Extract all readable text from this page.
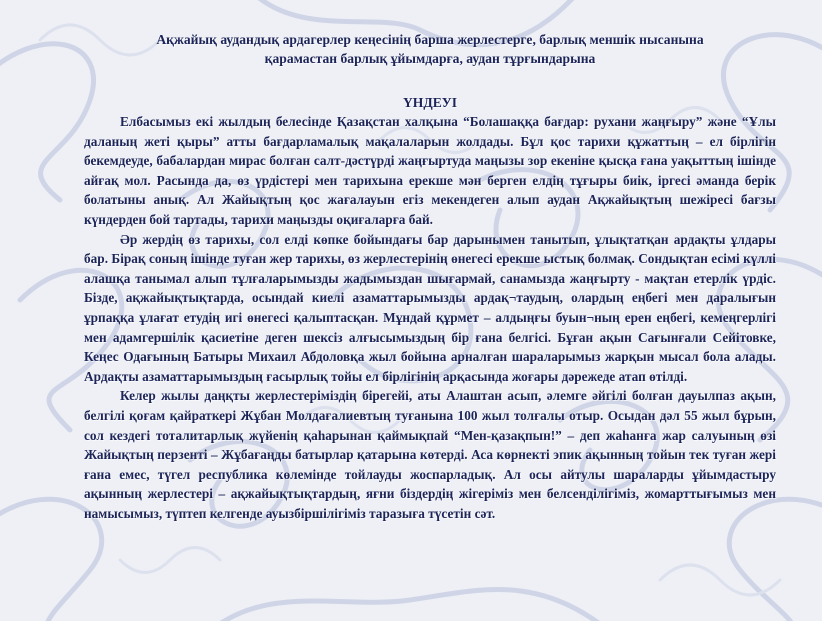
Ақжайық аудандық ардагерлер кеңесінің барша жерлестерге, барлық меншік нысанына
қарамастан барлық ұйымдарға, аудан тұрғындарына

ҮНДЕУІ

Елбасымыз екі жылдың белесінде Қазақстан халқына “Болашаққа бағдар: рухани жаңғыру” және “Ұлы даланың жеті қыры” атты бағдарламалық мақалаларын жолдады. Бұл қос тарихи құжаттың – ел бірлігін бекемдеуде, бабалардан мирас болған салт-дәстүрді жаңғыртуда маңызы зор екеніне қысқа ғана уақыттың ішінде айғақ мол. Расында да, өз үрдістері мен тарихына ерекше мән берген елдің тұғыры биік, іргесі әманда берік болатыны анық. Ал Жайықтың қос жағалауын егіз мекендеген алып аудан Ақжайықтың шежіресі бағзы күндерден бой тартады, тарихи маңызды оқиғаларға бай.

Әр жердің өз тарихы, сол елді көпке бойындағы бар дарынымен танытып, ұлықтатқан ардақты ұлдары бар. Бірақ соның ішінде туған жер тарихы, өз жерлестерінің өнегесі ерекше ыстық болмақ. Сондықтан есімі күллі алашқа танымал алып тұлғаларымызды жадымыздан шығармай, санамызда жаңғырту - мақтан етерлік үрдіс. Бізде, ақжайықтықтарда, осындай киелі азаматтарымызды ардақ¬таудың, олардың еңбегі мен даралығын ұрпаққа ұлағат етудің игі өнегесі қалыптасқан. Мұндай құрмет – алдыңғы буын¬ның ерен еңбегі, кемеңгерлігі мен адамгершілік қасиетіне деген шексіз алғысымыздың бір ғана белгісі. Бұған ақын Сағынғали Сейітовке, Кеңес Одағының Батыры Михаил Абдоловқа жыл бойына арналған шараларымыз жарқын мысал бола алады. Ардақты азаматтарымыздың ғасырлық тойы ел бірлігінің арқасында жоғары дәрежеде атап өтілді.

Келер жылы даңқты жерлестеріміздің бірегейі, аты Алаштан асып, әлемге әйгілі болған дауылпаз ақын, белгілі қоғам қайраткері Жұбан Молдағалиевтың туғанына 100 жыл толғалы отыр. Осыдан дәл 55 жыл бұрын, сол кездегі тоталитарлық жүйенің қаһарынан қаймықпай “Мен-қазақпын!” – деп жаһанға жар салуының өзі Жайықтың перзенті – Жұбағаңды батырлар қатарына көтерді. Аса көрнекті эпик ақынның тойын тек туған жері ғана емес, түгел республика көлемінде тойлауды жоспарладық. Ал осы айтулы шараларды ұйымдастыру ақынның жерлестері – ақжайықтықтардың, яғни біздердің жігеріміз мен белсенділігіміз, жомарттығымыз мен намысымыз, түптеп келгенде ауызбіршілігіміз таразыға түсетін сәт.
